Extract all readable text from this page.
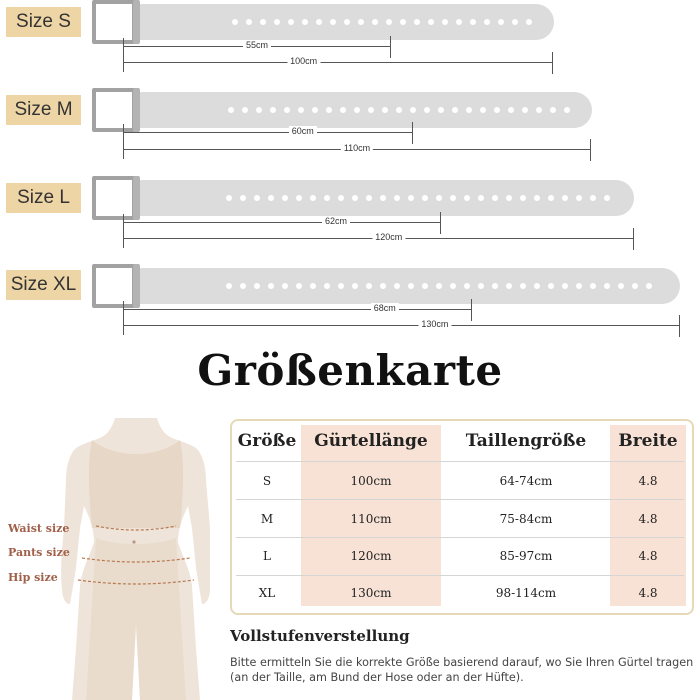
Size S
Size M
Size L
Size XL
55cm
100cm
60cm
110cm
62cm
120cm
68cm
130cm
Größenkarte
Waist size
Pants size
Hip size
Größe	Gürtellänge	Taillengröße	Breite
S	100cm	64-74cm	4.8
M	110cm	75-84cm	4.8
L	120cm	85-97cm	4.8
XL	130cm	98-114cm	4.8
Vollstufenverstellung
Bitte ermitteln Sie die korrekte Größe basierend darauf, wo Sie Ihren Gürtel tragen (an der Taille, am Bund der Hose oder an der Hüfte).
